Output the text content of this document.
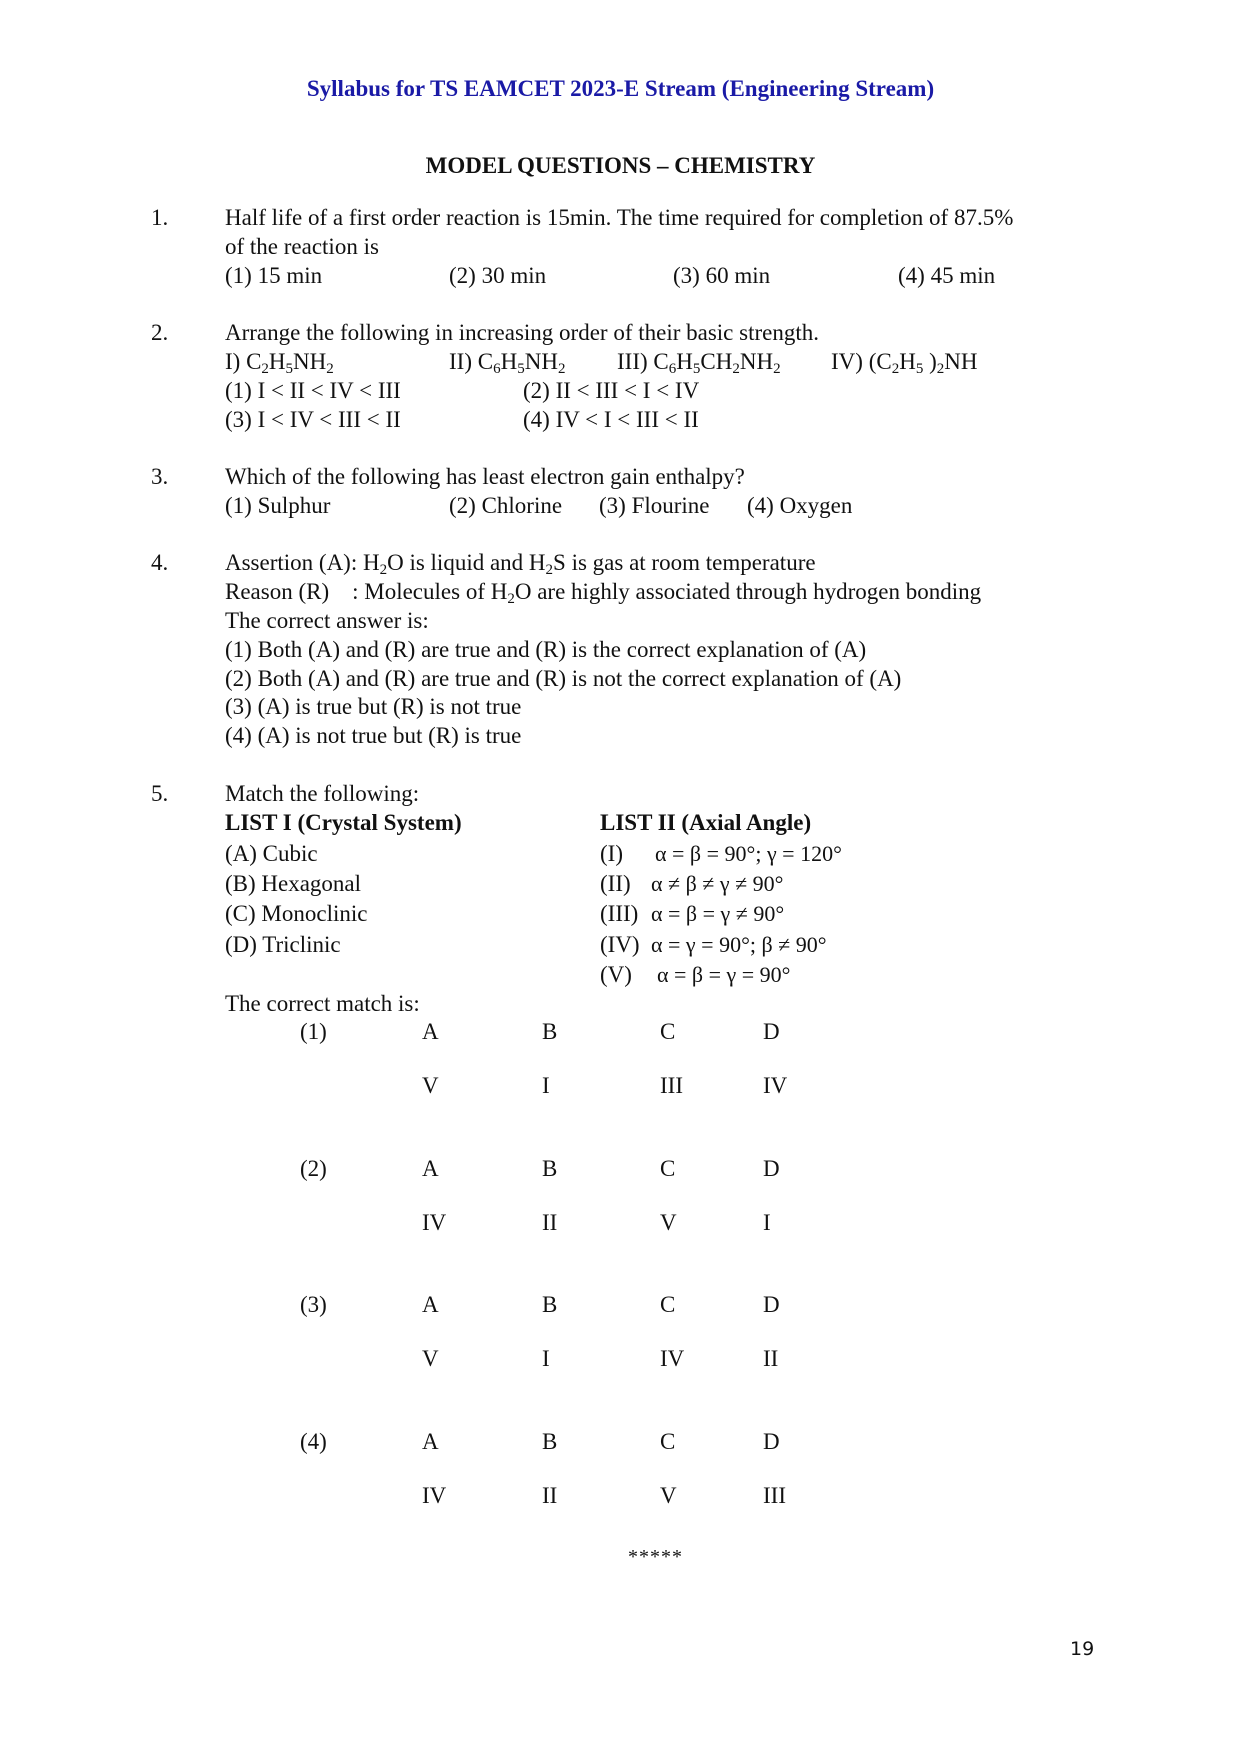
Syllabus for TS EAMCET 2023-E Stream (Engineering Stream)
MODEL QUESTIONS – CHEMISTRY
1. Half life of a first order reaction is 15min. The time required for completion of 87.5%
of the reaction is
(1) 15 min	(2) 30 min	(3) 60 min	(4) 45 min
2. Arrange the following in increasing order of their basic strength.
I) $C_2H_5NH_2$	II) $C_6H_5NH_2$ III) $C_6H_5CH_2NH_2$ IV) ($C_2H_5$ )$_2NH$
(1) I < II < IV < III	(2) II < III < I < IV
(3) I < IV < III < II	(4) IV < I < III < II
3. Which of the following has least electron gain enthalpy?
(1) Sulphur	(2) Chlorine (3) Flourine (4) Oxygen
4. Assertion (A): $H_2O$ is liquid and $H_2S$ is gas at room temperature
Reason (R)    : Molecules of $H_2O$ are highly associated through hydrogen bonding
The correct answer is:
(1) Both (A) and (R) are true and (R) is the correct explanation of (A)
(2) Both (A) and (R) are true and (R) is not the correct explanation of (A)
(3) (A) is true but (R) is not true
(4) (A) is not true but (R) is true
5. Match the following:
LIST I (Crystal System)	LIST II (Axial Angle)
(A) Cubic
(B) Hexagonal
(C) Monoclinic
(D) Triclinic
(I) α = β = 90°; γ = 120°
(II) α ≠ β ≠ γ ≠ 90°
(III) α = β = γ ≠ 90°
(IV) α = γ = 90°; β ≠ 90°
(V) α = β = γ = 90°
The correct match is:
(1)	A	B	C	D
V	I	III	IV
(2)	A	B	C	D
IV	II	V	I
(3)	A	B	C	D
V	I	IV	II
(4)	A	B	C	D
IV	II	V	III
*****
19
